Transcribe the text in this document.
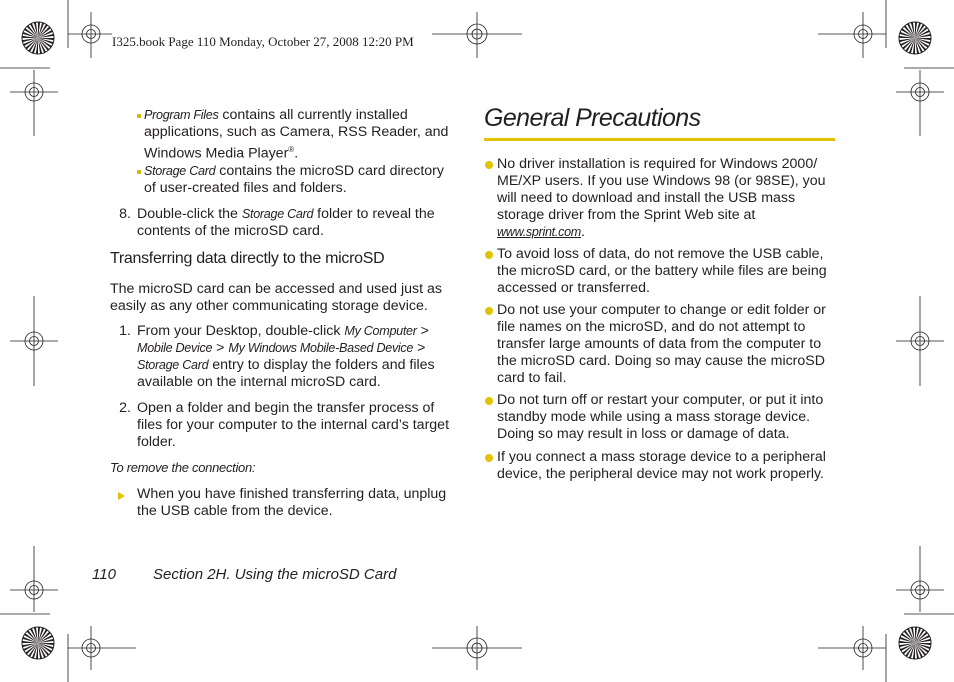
I325.book Page 110 Monday, October 27, 2008 12:20 PM
Program Files contains all currently installed applications, such as Camera, RSS Reader, and Windows Media Player®.
Storage Card contains the microSD card directory of user-created files and folders.
8. Double-click the Storage Card folder to reveal the contents of the microSD card.
Transferring data directly to the microSD
The microSD card can be accessed and used just as easily as any other communicating storage device.
1. From your Desktop, double-click My Computer > Mobile Device > My Windows Mobile-Based Device > Storage Card entry to display the folders and files available on the internal microSD card.
2. Open a folder and begin the transfer process of files for your computer to the internal card’s target folder.
To remove the connection:
When you have finished transferring data, unplug the USB cable from the device.
General Precautions
No driver installation is required for Windows 2000/ ME/XP users. If you use Windows 98 (or 98SE), you will need to download and install the USB mass storage driver from the Sprint Web site at www.sprint.com.
To avoid loss of data, do not remove the USB cable, the microSD card, or the battery while files are being accessed or transferred.
Do not use your computer to change or edit folder or file names on the microSD, and do not attempt to transfer large amounts of data from the computer to the microSD card. Doing so may cause the microSD card to fail.
Do not turn off or restart your computer, or put it into standby mode while using a mass storage device. Doing so may result in loss or damage of data.
If you connect a mass storage device to a peripheral device, the peripheral device may not work properly.
110 Section 2H. Using the microSD Card
